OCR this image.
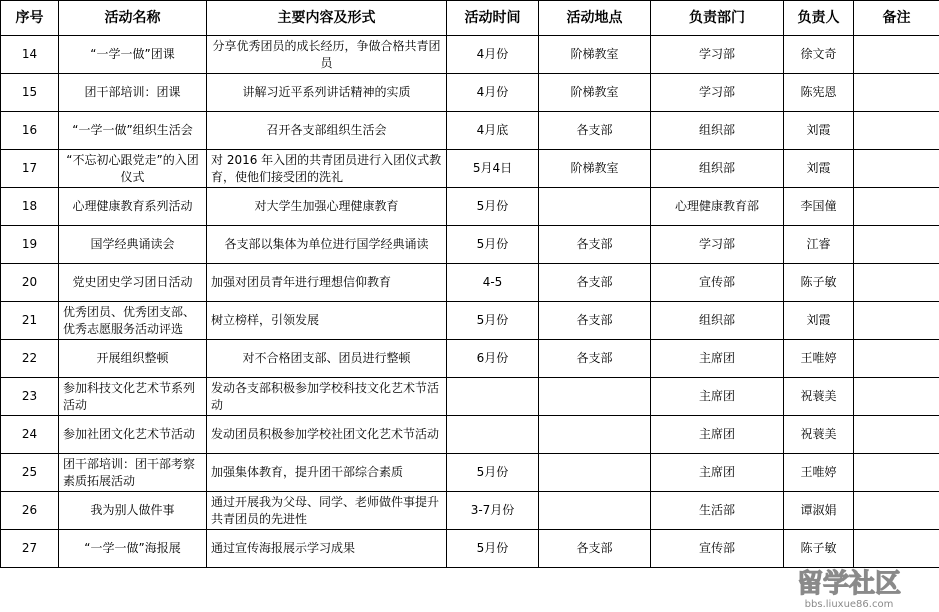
序号	活动名称	主要内容及形式	活动时间	活动地点	负责部门	负责人	备注
14	“一学一做”团课	分享优秀团员的成长经历，争做合格共青团员	4月份	阶梯教室	学习部	徐文奇	
15	团干部培训：团课	讲解习近平系列讲话精神的实质	4月份	阶梯教室	学习部	陈宪恩	
16	“一学一做”组织生活会	召开各支部组织生活会	4月底	各支部	组织部	刘霞	
17	“不忘初心跟党走”的入团仪式	对 2016 年入团的共青团员进行入团仪式教育，使他们接受团的洗礼	5月4日	阶梯教室	组织部	刘霞	
18	心理健康教育系列活动	对大学生加强心理健康教育	5月份		心理健康教育部	李国僮	
19	国学经典诵读会	各支部以集体为单位进行国学经典诵读	5月份	各支部	学习部	江睿	
20	党史团史学习团日活动	加强对团员青年进行理想信仰教育	4-5	各支部	宣传部	陈子敏	
21	优秀团员、优秀团支部、优秀志愿服务活动评选	树立榜样，引领发展	5月份	各支部	组织部	刘霞	
22	开展组织整顿	对不合格团支部、团员进行整顿	6月份	各支部	主席团	王唯婷	
23	参加科技文化艺术节系列活动	发动各支部积极参加学校科技文化艺术节活动			主席团	祝蓑美	
24	参加社团文化艺术节活动	发动团员积极参加学校社团文化艺术节活动			主席团	祝蓑美	
25	团干部培训：团干部考察素质拓展活动	加强集体教育，提升团干部综合素质	5月份		主席团	王唯婷	
26	我为别人做件事	通过开展我为父母、同学、老师做件事提升共青团员的先进性	3-7月份		生活部	谭淑娟	
27	“一学一做”海报展	通过宣传海报展示学习成果	5月份	各支部	宣传部	陈子敏	
留学社区
bbs.liuxue86.com
